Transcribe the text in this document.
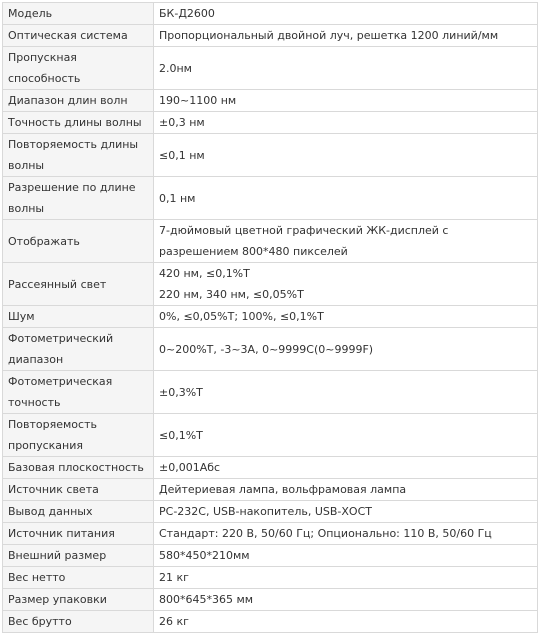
Модель	БК-Д2600

Оптическая система	Пропорциональный двойной луч, решетка 1200 линий/мм

Пропускная способность	2.0нм

Диапазон длин волн	190~1100 нм

Точность длины волны	±0,3 нм

Повторяемость длины волны	≤0,1 нм

Разрешение по длине волны	0,1 нм

Отображать	7-дюймовый цветной графический ЖК-дисплей с разрешением 800*480 пикселей

Рассеянный свет	420 нм, ≤0,1%T
220 нм, 340 нм, ≤0,05%T

Шум	0%, ≤0,05%T; 100%, ≤0,1%T

Фотометрический диапазон	0~200%T, -3~3A, 0~9999C(0~9999F)

Фотометрическая точность	±0,3%T

Повторяемость пропускания	≤0,1%T

Базовая плоскостность	±0,001Абс

Источник света	Дейтериевая лампа, вольфрамовая лампа

Вывод данных	РС-232С, USB-накопитель, USB-ХОСТ

Источник питания	Стандарт: 220 В, 50/60 Гц; Опционально: 110 В, 50/60 Гц

Внешний размер	580*450*210мм

Вес нетто	21 кг

Размер упаковки	800*645*365 мм

Вес брутто	26 кг
